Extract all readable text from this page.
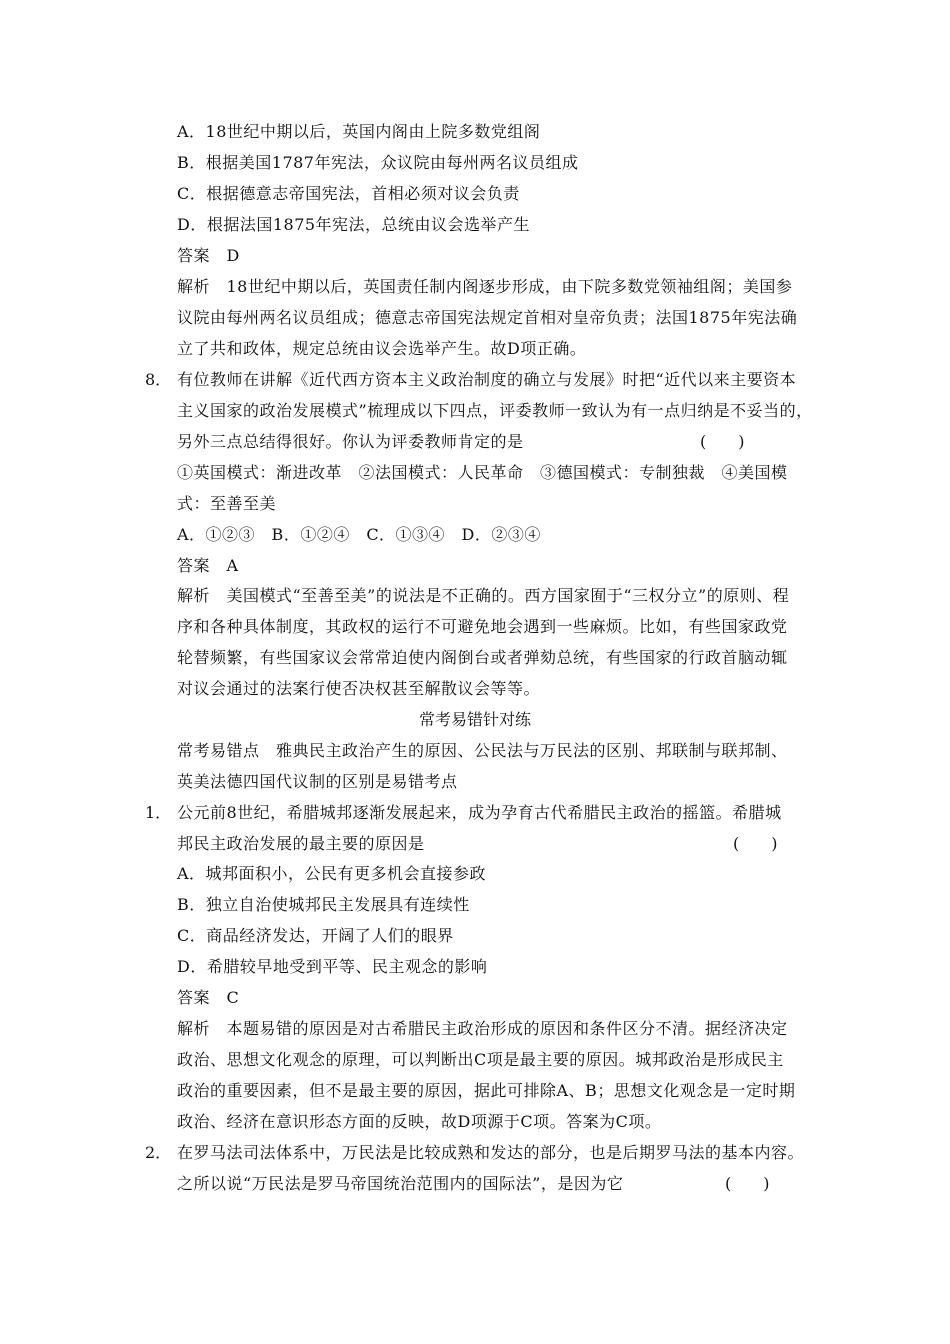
A．18世纪中期以后，英国内阁由上院多数党组阁
B．根据美国1787年宪法，众议院由每州两名议员组成
C．根据德意志帝国宪法，首相必须对议会负责
D．根据法国1875年宪法，总统由议会选举产生
答案　D
解析　18世纪中期以后，英国责任制内阁逐步形成，由下院多数党领袖组阁；美国参
议院由每州两名议员组成；德意志帝国宪法规定首相对皇帝负责；法国1875年宪法确
立了共和政体，规定总统由议会选举产生。故D项正确。
8． 有位教师在讲解《近代西方资本主义政治制度的确立与发展》时把“近代以来主要资本
主义国家的政治发展模式”梳理成以下四点，评委教师一致认为有一点归纳是不妥当的，
另外三点总结得很好。你认为评委教师肯定的是	(　　)
①英国模式：渐进改革　②法国模式：人民革命　③德国模式：专制独裁　④美国模
式：至善至美
A．①②③　B．①②④　C．①③④　D．②③④
答案　A
解析　美国模式“至善至美”的说法是不正确的。西方国家囿于“三权分立”的原则、程
序和各种具体制度，其政权的运行不可避免地会遇到一些麻烦。比如，有些国家政党
轮替频繁，有些国家议会常常迫使内阁倒台或者弹劾总统，有些国家的行政首脑动辄
对议会通过的法案行使否决权甚至解散议会等等。
常考易错针对练
常考易错点　雅典民主政治产生的原因、公民法与万民法的区别、邦联制与联邦制、
英美法德四国代议制的区别是易错考点
1． 公元前8世纪，希腊城邦逐渐发展起来，成为孕育古代希腊民主政治的摇篮。希腊城
邦民主政治发展的最主要的原因是	(　　)
A．城邦面积小，公民有更多机会直接参政
B．独立自治使城邦民主发展具有连续性
C．商品经济发达，开阔了人们的眼界
D．希腊较早地受到平等、民主观念的影响
答案　C
解析　本题易错的原因是对古希腊民主政治形成的原因和条件区分不清。据经济决定
政治、思想文化观念的原理，可以判断出C项是最主要的原因。城邦政治是形成民主
政治的重要因素，但不是最主要的原因，据此可排除A、B；思想文化观念是一定时期
政治、经济在意识形态方面的反映，故D项源于C项。答案为C项。
2． 在罗马法司法体系中，万民法是比较成熟和发达的部分，也是后期罗马法的基本内容。
之所以说“万民法是罗马帝国统治范围内的国际法”，是因为它	(　　)
